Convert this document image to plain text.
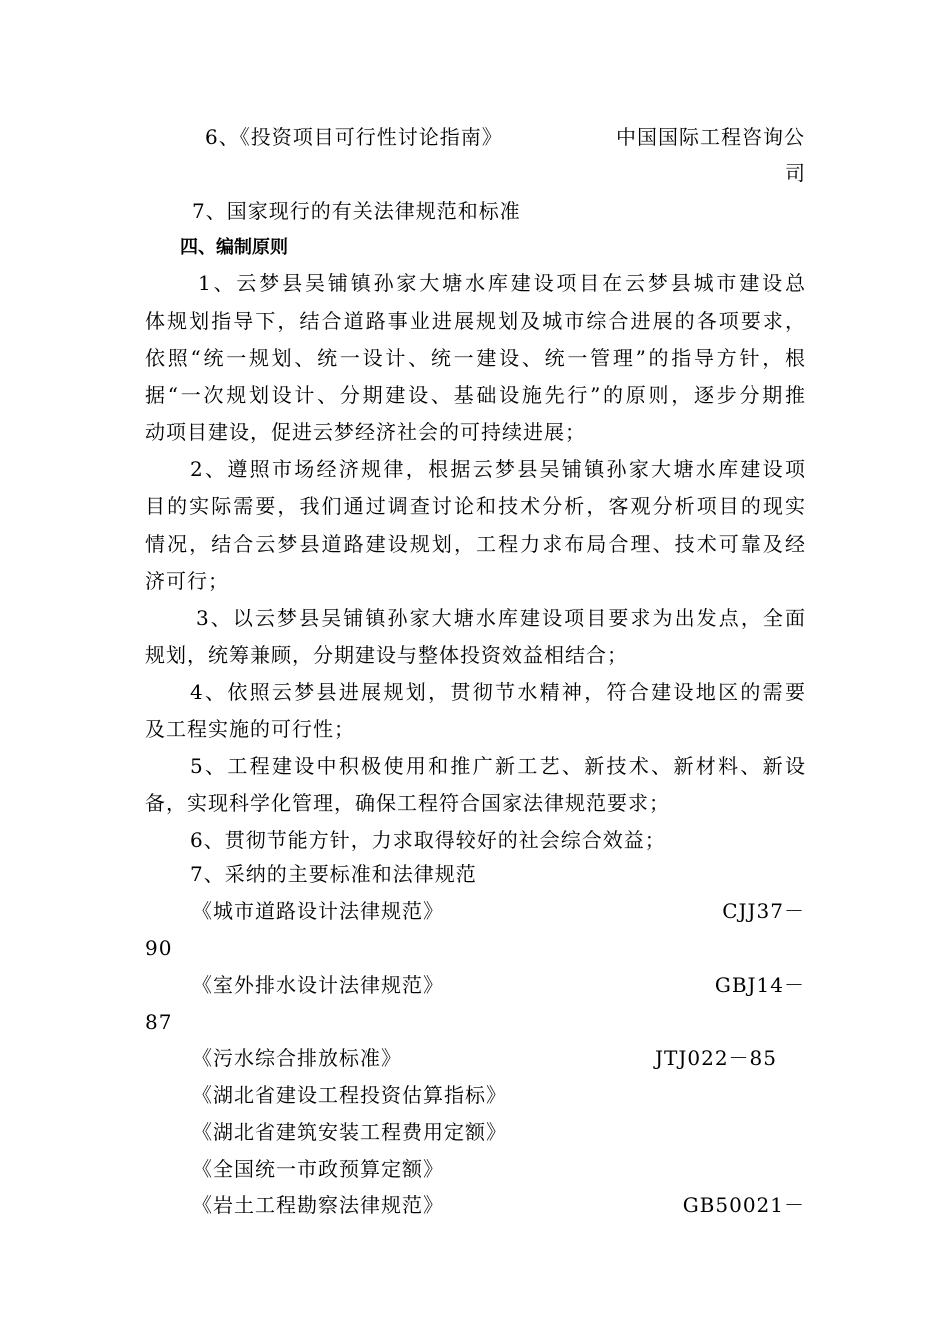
6、《投资项目可行性讨论指南》	中国国际工程咨询公
司
7、国家现行的有关法律规范和标准
四、编制原则
1、云梦县吴铺镇孙家大塘水库建设项目在云梦县城市建设总
体规划指导下，结合道路事业进展规划及城市综合进展的各项要求，
依照“统一规划、统一设计、统一建设、统一管理”的指导方针，根
据“一次规划设计、分期建设、基础设施先行”的原则，逐步分期推
动项目建设，促进云梦经济社会的可持续进展；
2、遵照市场经济规律，根据云梦县吴铺镇孙家大塘水库建设项
目的实际需要，我们通过调查讨论和技术分析，客观分析项目的现实
情况，结合云梦县道路建设规划，工程力求布局合理、技术可靠及经
济可行；
3、以云梦县吴铺镇孙家大塘水库建设项目要求为出发点，全面
规划，统筹兼顾，分期建设与整体投资效益相结合；
4、依照云梦县进展规划，贯彻节水精神，符合建设地区的需要
及工程实施的可行性；
5、工程建设中积极使用和推广新工艺、新技术、新材料、新设
备，实现科学化管理，确保工程符合国家法律规范要求；
6、贯彻节能方针，力求取得较好的社会综合效益；
7、采纳的主要标准和法律规范
《城市道路设计法律规范》	CJJ37－
90
《室外排水设计法律规范》	GBJ14－
87
《污水综合排放标准》	JTJ022－85
《湖北省建设工程投资估算指标》
《湖北省建筑安装工程费用定额》
《全国统一市政预算定额》
《岩土工程勘察法律规范》	GB50021－
